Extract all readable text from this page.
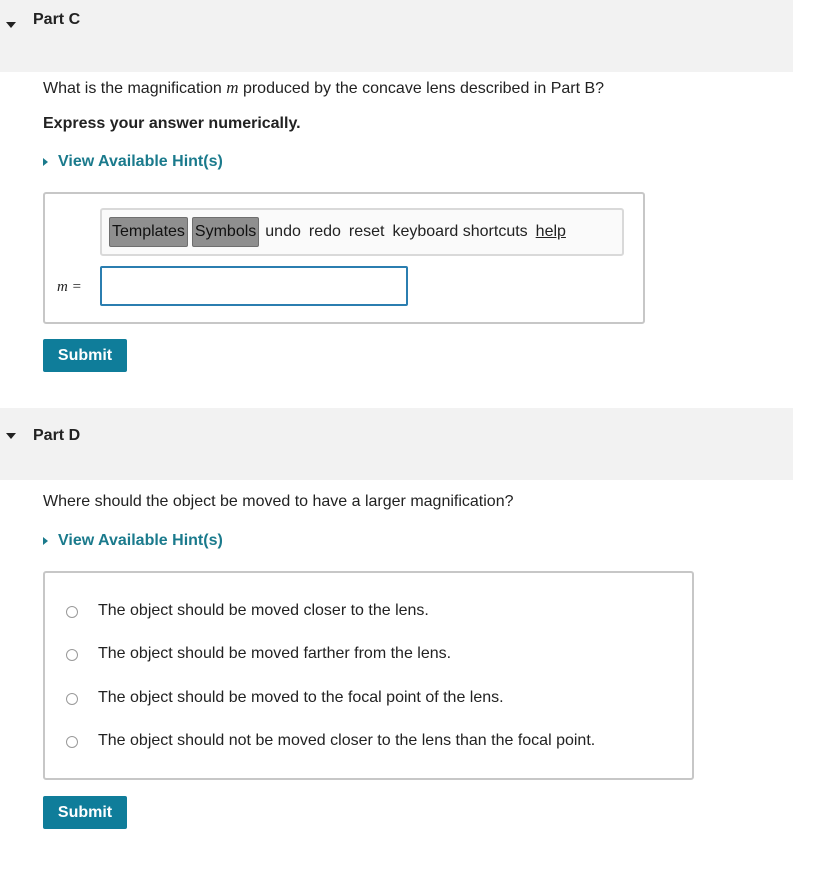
Part C
What is the magnification m produced by the concave lens described in Part B?
Express your answer numerically.
View Available Hint(s)
Templates Symbols undo redo reset keyboard shortcuts help
m =
Submit
Part D
Where should the object be moved to have a larger magnification?
View Available Hint(s)
The object should be moved closer to the lens.
The object should be moved farther from the lens.
The object should be moved to the focal point of the lens.
The object should not be moved closer to the lens than the focal point.
Submit
